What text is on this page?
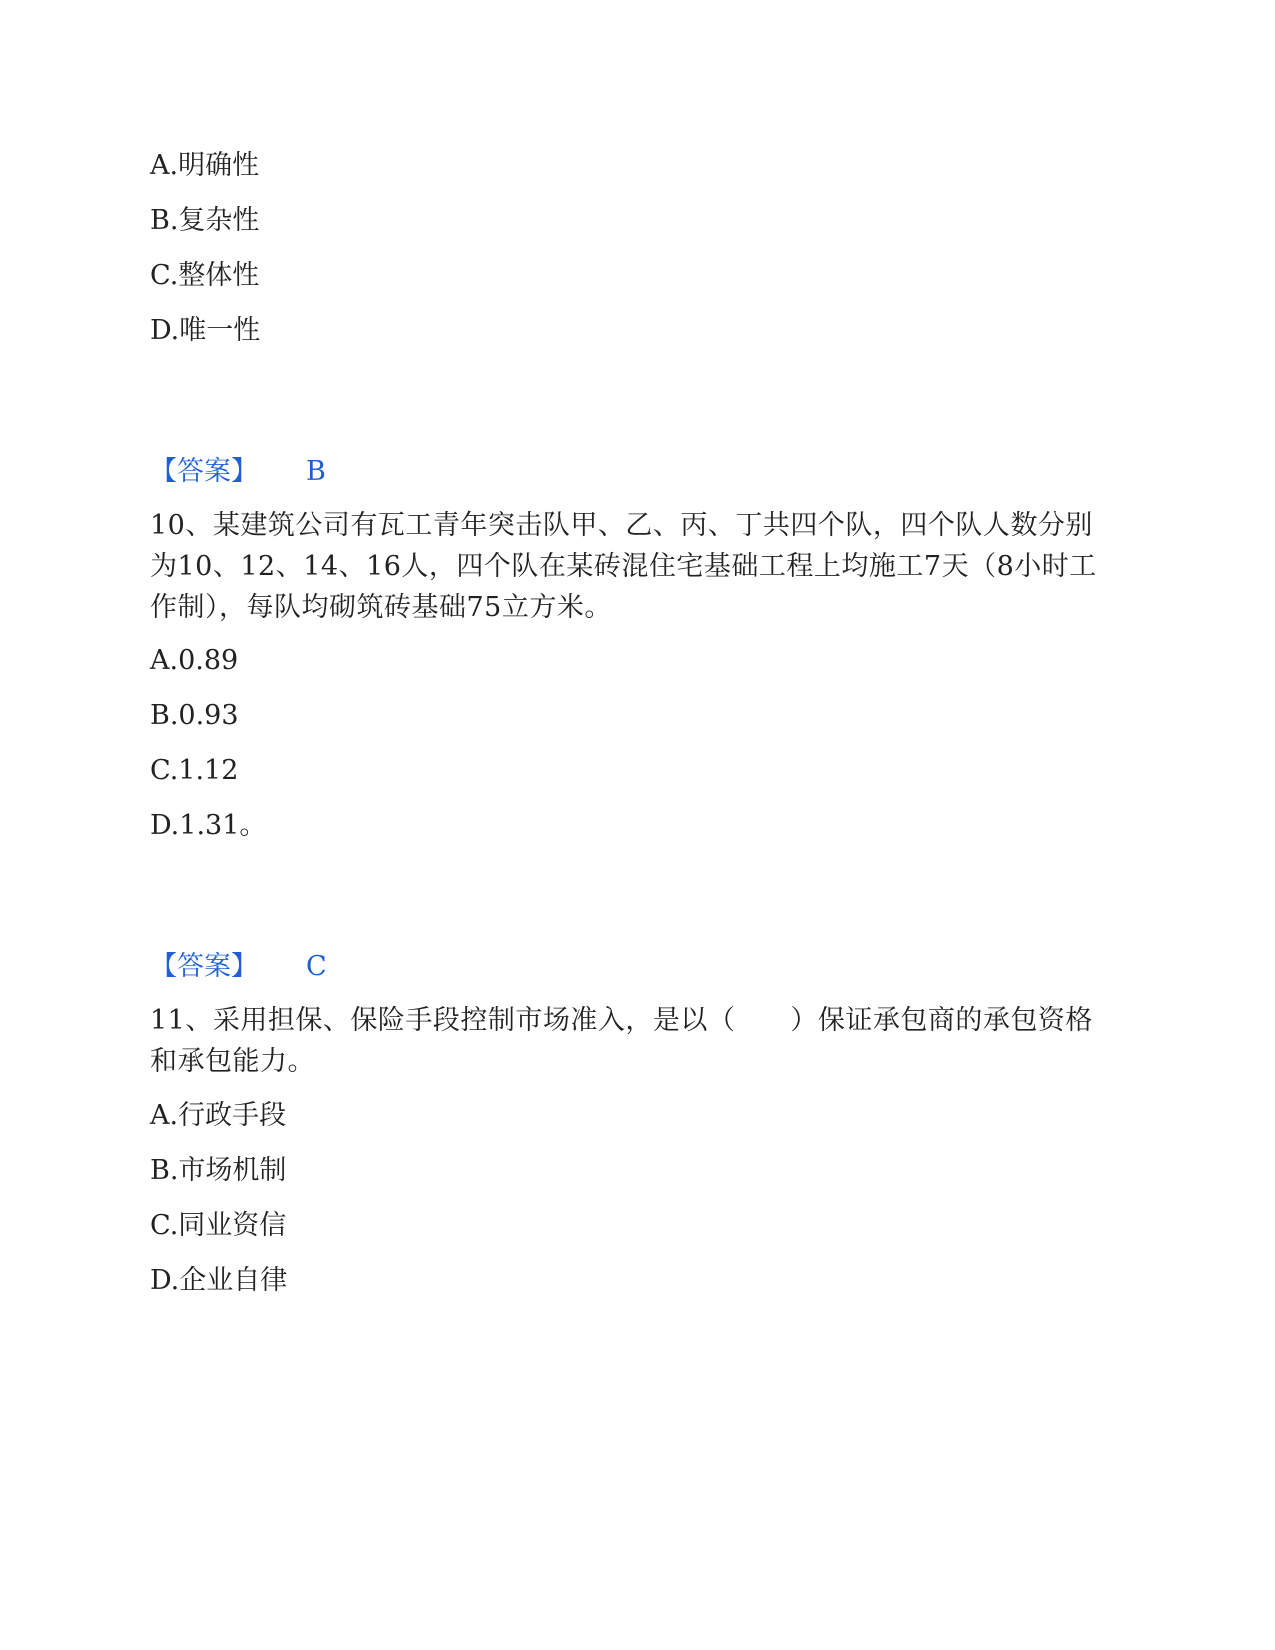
A.明确性
B.复杂性
C.整体性
D.唯一性
【答案】 B
10、某建筑公司有瓦工青年突击队甲、乙、丙、丁共四个队，四个队人数分别为10、12、14、16人，四个队在某砖混住宅基础工程上均施工7天（8小时工作制），每队均砌筑砖基础75立方米。
A.0.89
B.0.93
C.1.12
D.1.31。
【答案】 C
11、采用担保、保险手段控制市场准入，是以（　　）保证承包商的承包资格和承包能力。
A.行政手段
B.市场机制
C.同业资信
D.企业自律
